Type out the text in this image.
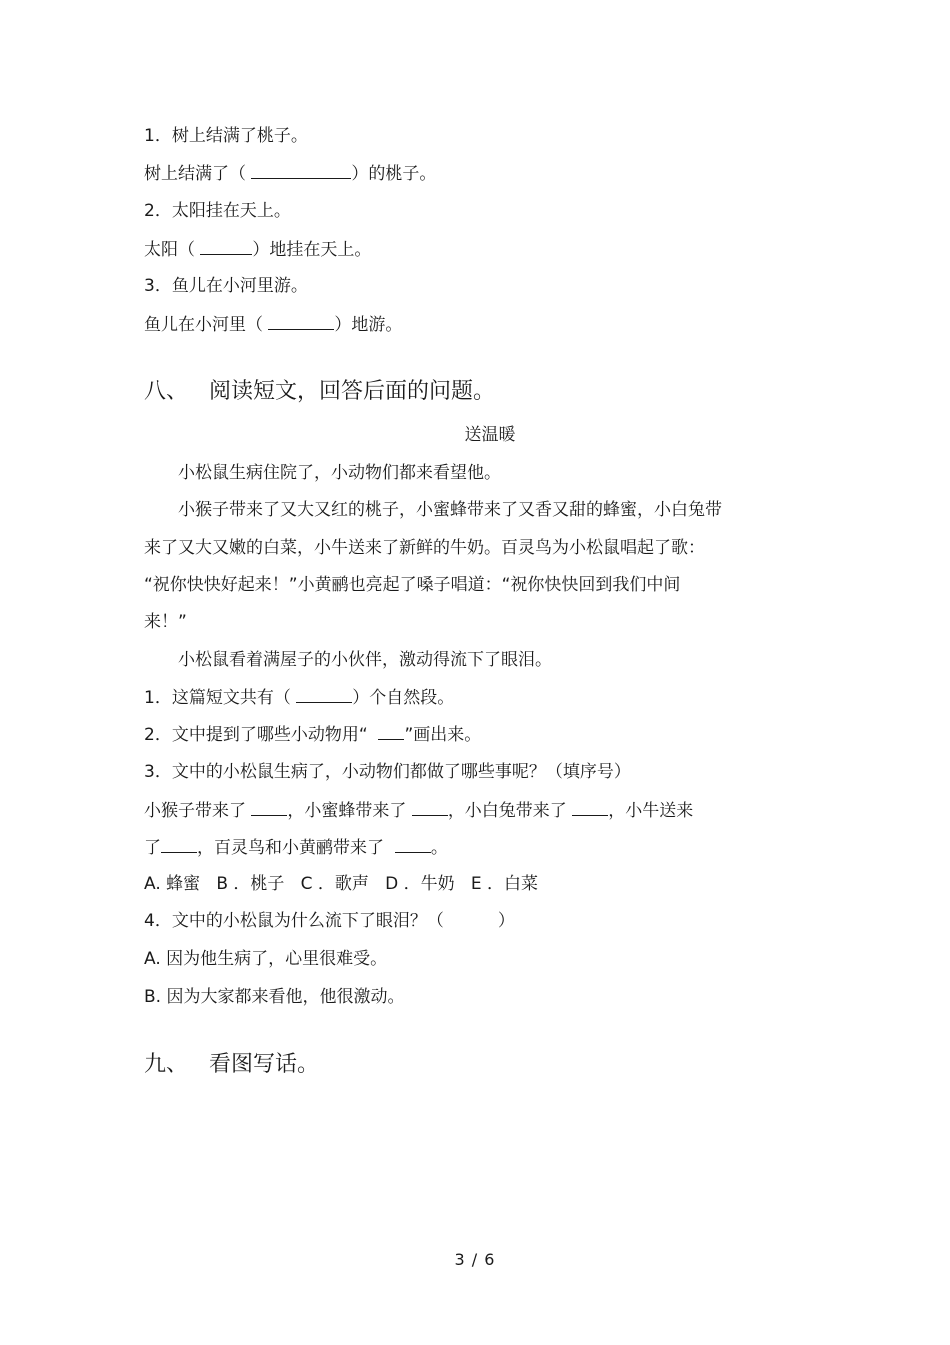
1．树上结满了桃子。
树上结满了（	）的桃子。
2．太阳挂在天上。
太阳（	）地挂在天上。
3．鱼儿在小河里游。
鱼儿在小河里（	）地游。
八、   阅读短文，回答后面的问题。
送温暖
小松鼠生病住院了，小动物们都来看望他。
小猴子带来了又大又红的桃子，小蜜蜂带来了又香又甜的蜂蜜，小白兔带
来了又大又嫩的白菜，小牛送来了新鲜的牛奶。百灵鸟为小松鼠唱起了歌：
“祝你快快好起来！”小黄鹂也亮起了嗓子唱道：“祝你快快回到我们中间
来！”
小松鼠看着满屋子的小伙伴，激动得流下了眼泪。
1．这篇短文共有（	）个自然段。
2．文中提到了哪些小动物用“  ”画出来。
3．文中的小松鼠生病了，小动物们都做了哪些事呢？（填序号）
小猴子带来了 ，小蜜蜂带来了 ，小白兔带来了 ，小牛送来
了 ，百灵鸟和小黄鹂带来了  。
A. 蜂蜜   B ．桃子   C ．歌声   D ．牛奶   E ．白菜
4．文中的小松鼠为什么流下了眼泪？（          ）
A. 因为他生病了，心里很难受。
B. 因为大家都来看他，他很激动。
九、   看图写话。
3 / 6
